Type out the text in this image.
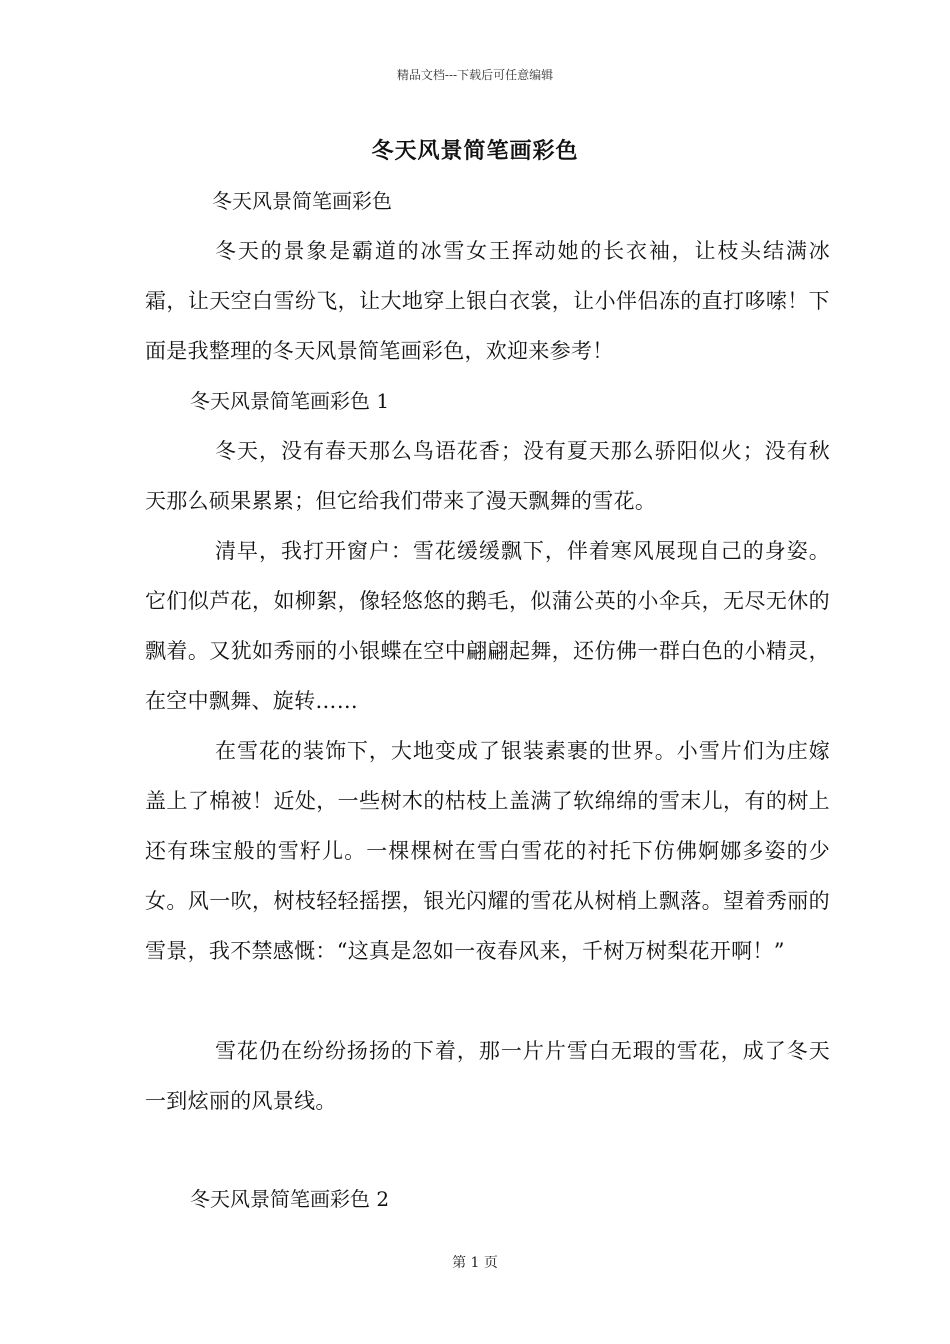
精品文档---下载后可任意编辑
冬天风景简笔画彩色
冬天风景简笔画彩色
冬天的景象是霸道的冰雪女王挥动她的长衣袖，让枝头结满冰霜，让天空白雪纷飞，让大地穿上银白衣裳，让小伴侣冻的直打哆嗦！下面是我整理的冬天风景简笔画彩色，欢迎来参考！
冬天风景简笔画彩色 1
冬天，没有春天那么鸟语花香；没有夏天那么骄阳似火；没有秋天那么硕果累累；但它给我们带来了漫天飘舞的雪花。
清早，我打开窗户：雪花缓缓飘下，伴着寒风展现自己的身姿。它们似芦花，如柳絮，像轻悠悠的鹅毛，似蒲公英的小伞兵，无尽无休的飘着。又犹如秀丽的小银蝶在空中翩翩起舞，还仿佛一群白色的小精灵，在空中飘舞、旋转……
在雪花的装饰下，大地变成了银装素裹的世界。小雪片们为庄嫁盖上了棉被！近处，一些树木的枯枝上盖满了软绵绵的雪末儿，有的树上还有珠宝般的雪籽儿。一棵棵树在雪白雪花的衬托下仿佛婀娜多姿的少女。风一吹，树枝轻轻摇摆，银光闪耀的雪花从树梢上飘落。望着秀丽的雪景，我不禁感慨：“这真是忽如一夜春风来，千树万树梨花开啊！”
雪花仍在纷纷扬扬的下着，那一片片雪白无瑕的雪花，成了冬天一到炫丽的风景线。
冬天风景简笔画彩色 2
第 1 页
